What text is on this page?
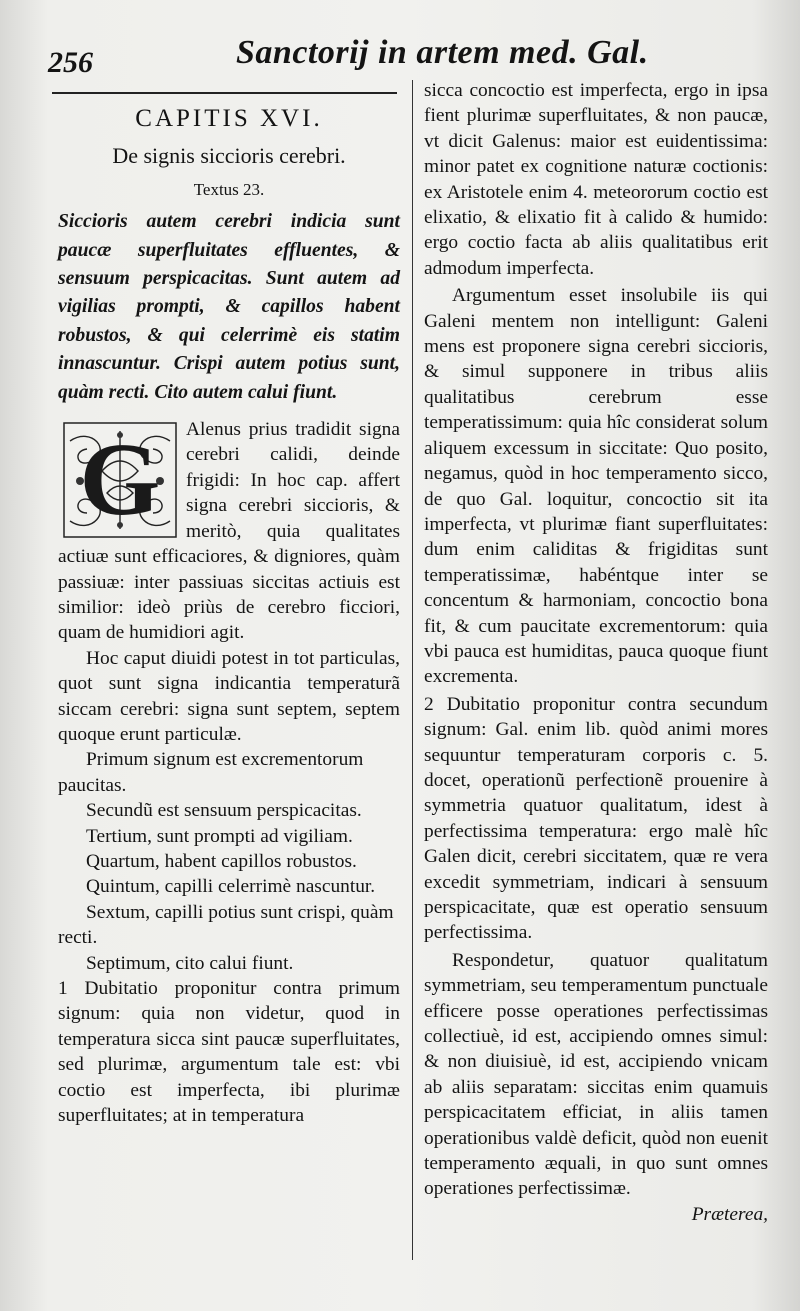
256	Sanctorij in artem med. Gal.

CAPITIS XVI.

De signis siccioris cerebri.

Textus 23.

Siccioris autem cerebri indicia sunt paucæ superfluitates effluentes, & sensuum perspicacitas. Sunt autem ad vigilias prompti, & capillos habent robustos, & qui celerrimè eis statim innascuntur. Crispi autem potius sunt, quàm recti. Cito autem calui fiunt.

G	Alenus prius tradidit signa cerebri calidi, deinde frigidi: In hoc cap. affert signa cerebri siccioris, & meritò, quia qualitates actiuæ sunt efficaciores, & digniores, quàm passiuæ: inter passiuas siccitas actiuis est similior: ideò priùs de cerebro ficciori, quam de humidiori agit.

Hoc caput diuidi potest in tot particulas, quot sunt signa indicantia temperaturã siccam cerebri: signa sunt septem, septem quoque erunt particulæ.

Primum signum est excrementorum paucitas.

Secundũ est sensuum perspicacitas.

Tertium, sunt prompti ad vigiliam.

Quartum, habent capillos robustos.

Quintum, capilli celerrimè nascuntur.

Sextum, capilli potius sunt crispi, quàm recti.

Septimum, cito calui fiunt.

1 Dubitatio proponitur contra primum signum: quia non videtur, quod in temperatura sicca sint paucæ superfluitates, sed plurimæ, argumentum tale est: vbi coctio est imperfecta, ibi plurimæ superfluitates; at in temperatura

sicca concoctio est imperfecta, ergo in ipsa fient plurimæ superfluitates, & non paucæ, vt dicit Galenus: maior est euidentissima: minor patet ex cognitione naturæ coctionis: ex Aristotele enim 4. meteororum coctio est elixatio, & elixatio fit à calido & humido: ergo coctio facta ab aliis qualitatibus erit admodum imperfecta.

Argumentum esset insolubile iis qui Galeni mentem non intelligunt: Galeni mens est proponere signa cerebri siccioris, & simul supponere in tribus aliis qualitatibus cerebrum esse temperatissimum: quia hîc considerat solum aliquem excessum in siccitate: Quo posito, negamus, quòd in hoc temperamento sicco, de quo Gal. loquitur, concoctio sit ita imperfecta, vt plurimæ fiant superfluitates: dum enim caliditas & frigiditas sunt temperatissimæ, habéntque inter se concentum & harmoniam, concoctio bona fit, & cum paucitate excrementorum: quia vbi pauca est humiditas, pauca quoque fiunt excrementa.

2 Dubitatio proponitur contra secundum signum: Gal. enim lib. quòd animi mores sequuntur temperaturam corporis c. 5. docet, operationũ perfectionẽ prouenire à symmetria quatuor qualitatum, idest à perfectissima temperatura: ergo malè hîc Galen dicit, cerebri siccitatem, quæ re vera excedit symmetriam, indicari à sensuum perspicacitate, quæ est operatio sensuum perfectissima.

Respondetur, quatuor qualitatum symmetriam, seu temperamentum punctuale efficere posse operationes perfectissimas collectiuè, id est, accipiendo omnes simul: & non diuisiuè, id est, accipiendo vnicam ab aliis separatam: siccitas enim quamuis perspicacitatem efficiat, in aliis tamen operationibus valdè deficit, quòd non euenit temperamento æquali, in quo sunt omnes operationes perfectissimæ.

Præterea,
